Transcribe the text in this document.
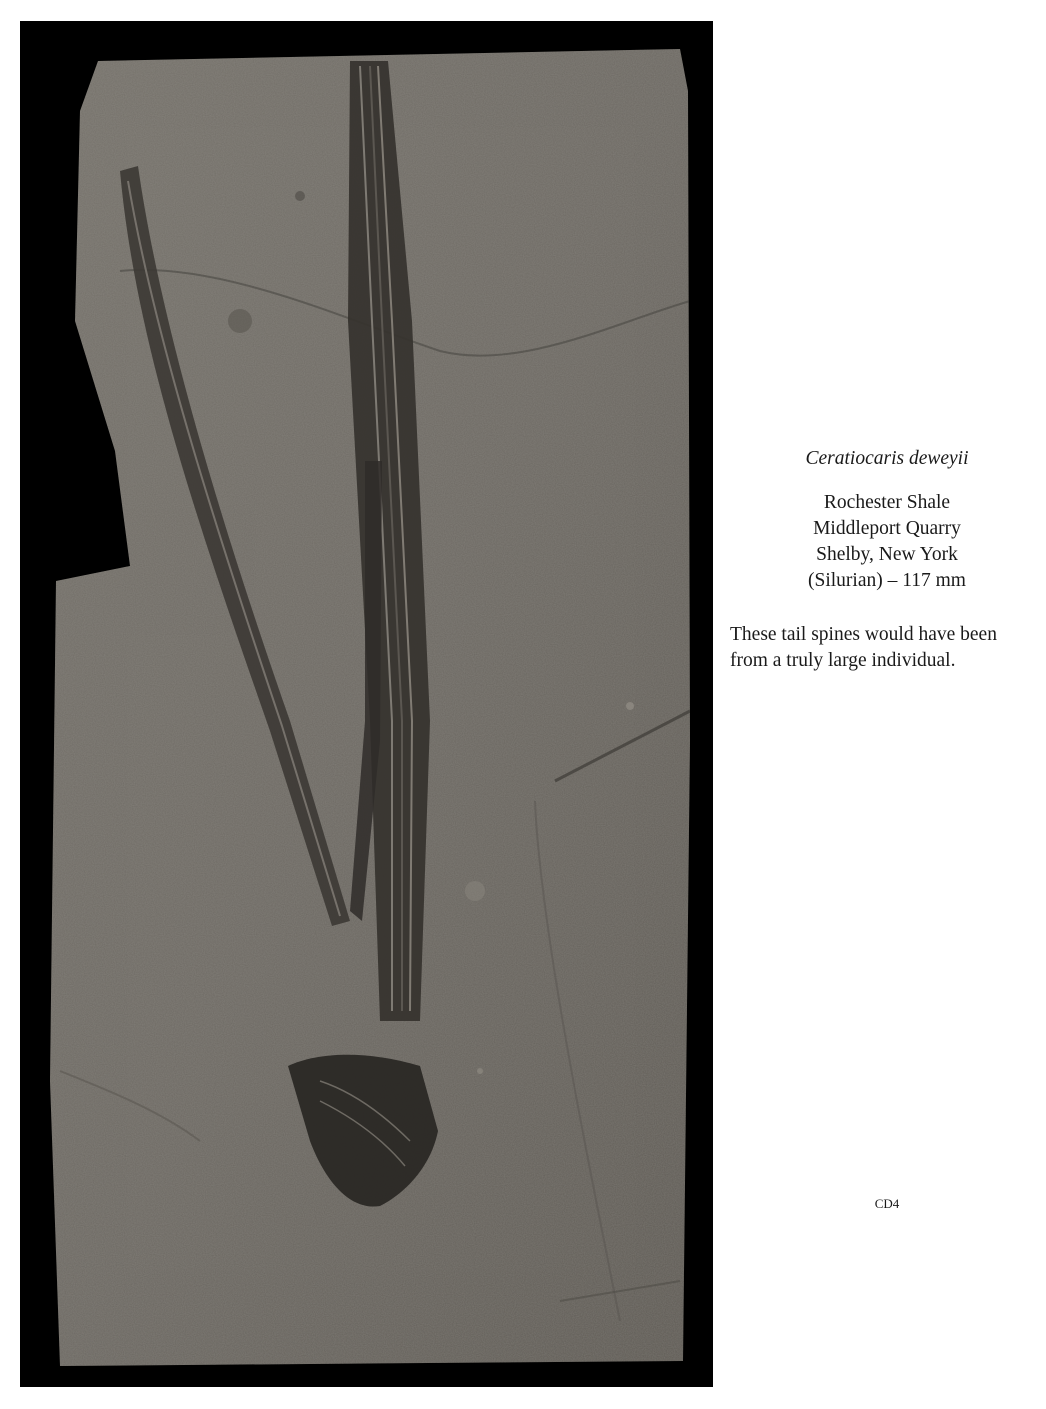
Ceratiocaris deweyii
Rochester Shale
Middleport Quarry
Shelby, New York
(Silurian) – 117 mm
These tail spines would have been
from a truly large individual.
CD4
